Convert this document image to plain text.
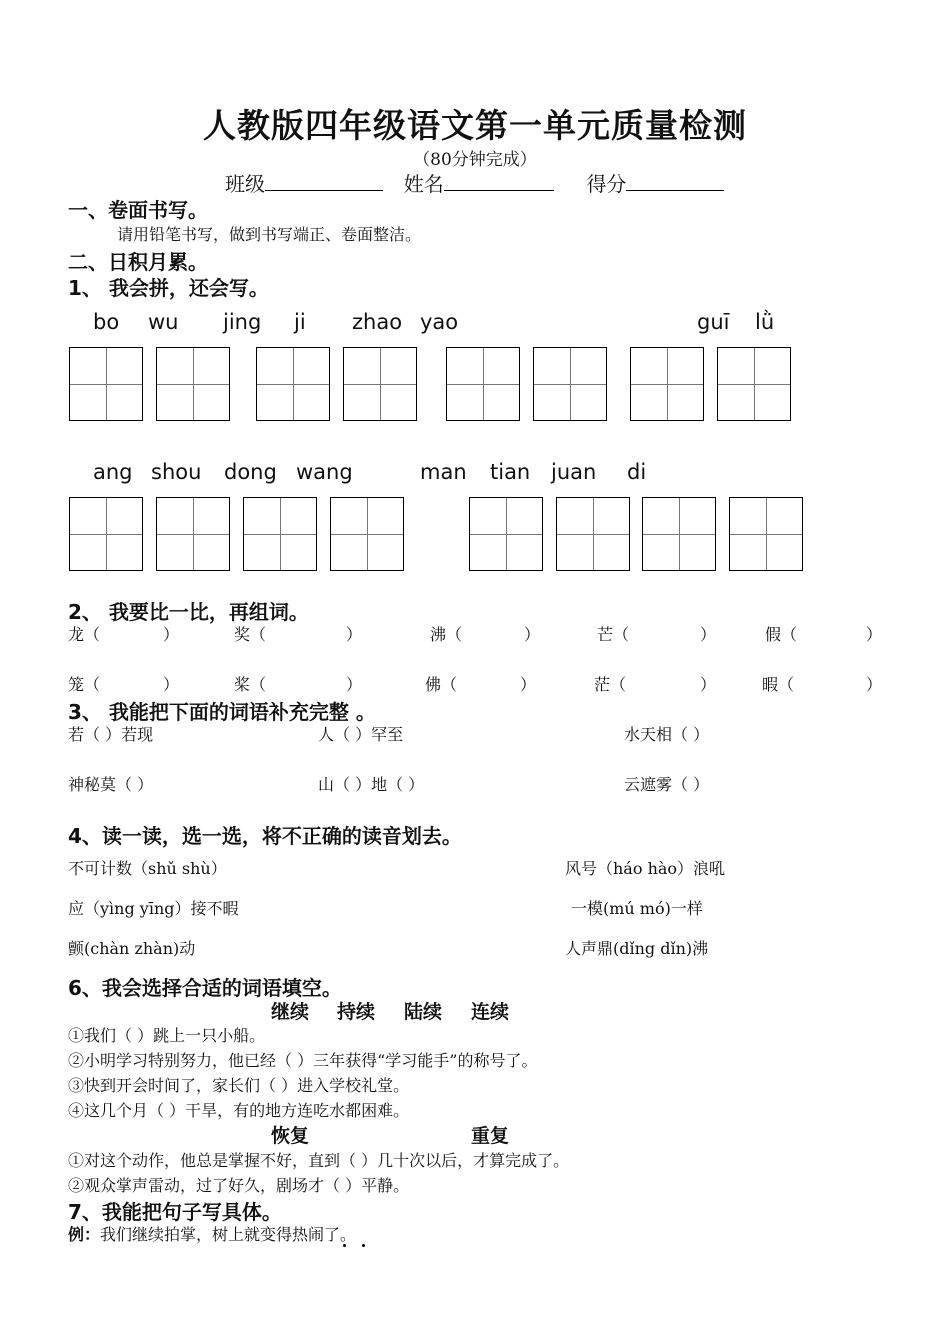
人教版四年级语文第一单元质量检测
（80分钟完成）
班级	姓名	得分
一、卷面书写。
请用铅笔书写，做到书写端正、卷面整洁。
二、日积月累。
1、 我会拼，还会写。
bo wu jing ji zhao yao	guī lǜ
ang shou dong wang	man tian juan di
2、 我要比一比，再组词。
龙（	）	奖（	）	沸（	）	芒（	）	假（	）
笼（	）	桨（	）	佛（	）	茫（	）	暇（	）
3、 我能把下面的词语补充完整 。
若（ ）若现	人（ ）罕至	水天相（ ）
神秘莫（ ）	山（ ）地（ ）	云遮雾（ ）
4、读一读，选一选，将不正确的读音划去。
不可计数（shǔ shù）	风号（háo hào）浪吼
应（yìng yīng）接不暇	一模(mú mó)一样
颤(chàn zhàn)动	人声鼎(dǐng dǐn)沸
6、我会选择合适的词语填空。
继续 持续 陆续 连续
①我们（ ）跳上一只小船。
②小明学习特别努力，他已经（ ）三年获得“学习能手”的称号了。
③快到开会时间了，家长们（ ）进入学校礼堂。
④这几个月（ ）干旱，有的地方连吃水都困难。
恢复	重复
①对这个动作，他总是掌握不好，直到（ ）几十次以后，才算完成了。
②观众掌声雷动，过了好久，剧场才（ ）平静。
7、我能把句子写具体。
例：我们继续拍掌，树上就变得热闹了。
